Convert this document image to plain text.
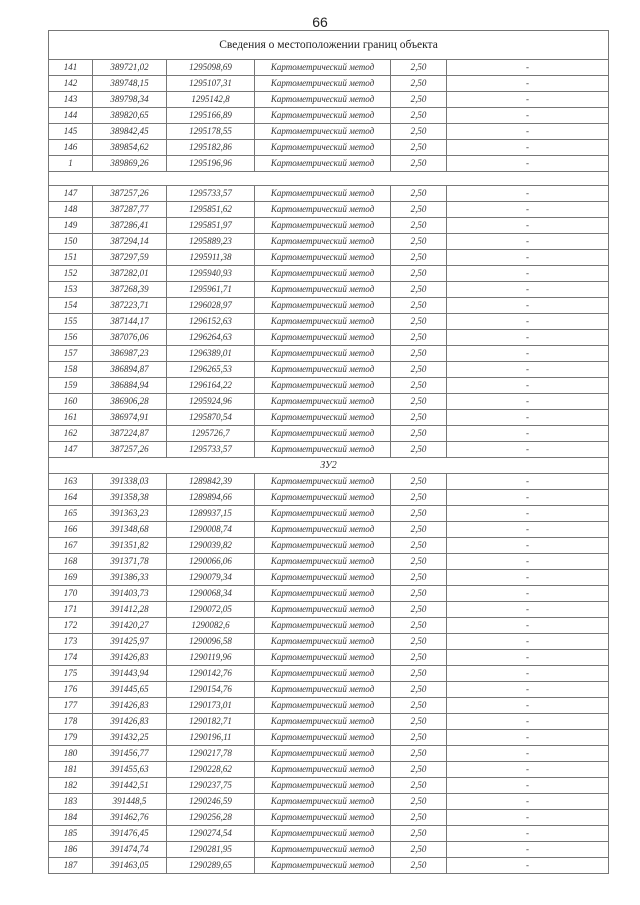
66
Сведения о местоположении границ объекта					
141	389721,02	1295098,69	Картометрический метод	2,50	-
142	389748,15	1295107,31	Картометрический метод	2,50	-
143	389798,34	1295142,8	Картометрический метод	2,50	-
144	389820,65	1295166,89	Картометрический метод	2,50	-
145	389842,45	1295178,55	Картометрический метод	2,50	-
146	389854,62	1295182,86	Картометрический метод	2,50	-
1	389869,26	1295196,96	Картометрический метод	2,50	-

147	387257,26	1295733,57	Картометрический метод	2,50	-
148	387287,77	1295851,62	Картометрический метод	2,50	-
149	387286,41	1295851,97	Картометрический метод	2,50	-
150	387294,14	1295889,23	Картометрический метод	2,50	-
151	387297,59	1295911,38	Картометрический метод	2,50	-
152	387282,01	1295940,93	Картометрический метод	2,50	-
153	387268,39	1295961,71	Картометрический метод	2,50	-
154	387223,71	1296028,97	Картометрический метод	2,50	-
155	387144,17	1296152,63	Картометрический метод	2,50	-
156	387076,06	1296264,63	Картометрический метод	2,50	-
157	386987,23	1296389,01	Картометрический метод	2,50	-
158	386894,87	1296265,53	Картометрический метод	2,50	-
159	386884,94	1296164,22	Картометрический метод	2,50	-
160	386906,28	1295924,96	Картометрический метод	2,50	-
161	386974,91	1295870,54	Картометрический метод	2,50	-
162	387224,87	1295726,7	Картометрический метод	2,50	-
147	387257,26	1295733,57	Картометрический метод	2,50	-
ЗУ2					
163	391338,03	1289842,39	Картометрический метод	2,50	-
164	391358,38	1289894,66	Картометрический метод	2,50	-
165	391363,23	1289937,15	Картометрический метод	2,50	-
166	391348,68	1290008,74	Картометрический метод	2,50	-
167	391351,82	1290039,82	Картометрический метод	2,50	-
168	391371,78	1290066,06	Картометрический метод	2,50	-
169	391386,33	1290079,34	Картометрический метод	2,50	-
170	391403,73	1290068,34	Картометрический метод	2,50	-
171	391412,28	1290072,05	Картометрический метод	2,50	-
172	391420,27	1290082,6	Картометрический метод	2,50	-
173	391425,97	1290096,58	Картометрический метод	2,50	-
174	391426,83	1290119,96	Картометрический метод	2,50	-
175	391443,94	1290142,76	Картометрический метод	2,50	-
176	391445,65	1290154,76	Картометрический метод	2,50	-
177	391426,83	1290173,01	Картометрический метод	2,50	-
178	391426,83	1290182,71	Картометрический метод	2,50	-
179	391432,25	1290196,11	Картометрический метод	2,50	-
180	391456,77	1290217,78	Картометрический метод	2,50	-
181	391455,63	1290228,62	Картометрический метод	2,50	-
182	391442,51	1290237,75	Картометрический метод	2,50	-
183	391448,5	1290246,59	Картометрический метод	2,50	-
184	391462,76	1290256,28	Картометрический метод	2,50	-
185	391476,45	1290274,54	Картометрический метод	2,50	-
186	391474,74	1290281,95	Картометрический метод	2,50	-
187	391463,05	1290289,65	Картометрический метод	2,50	-
